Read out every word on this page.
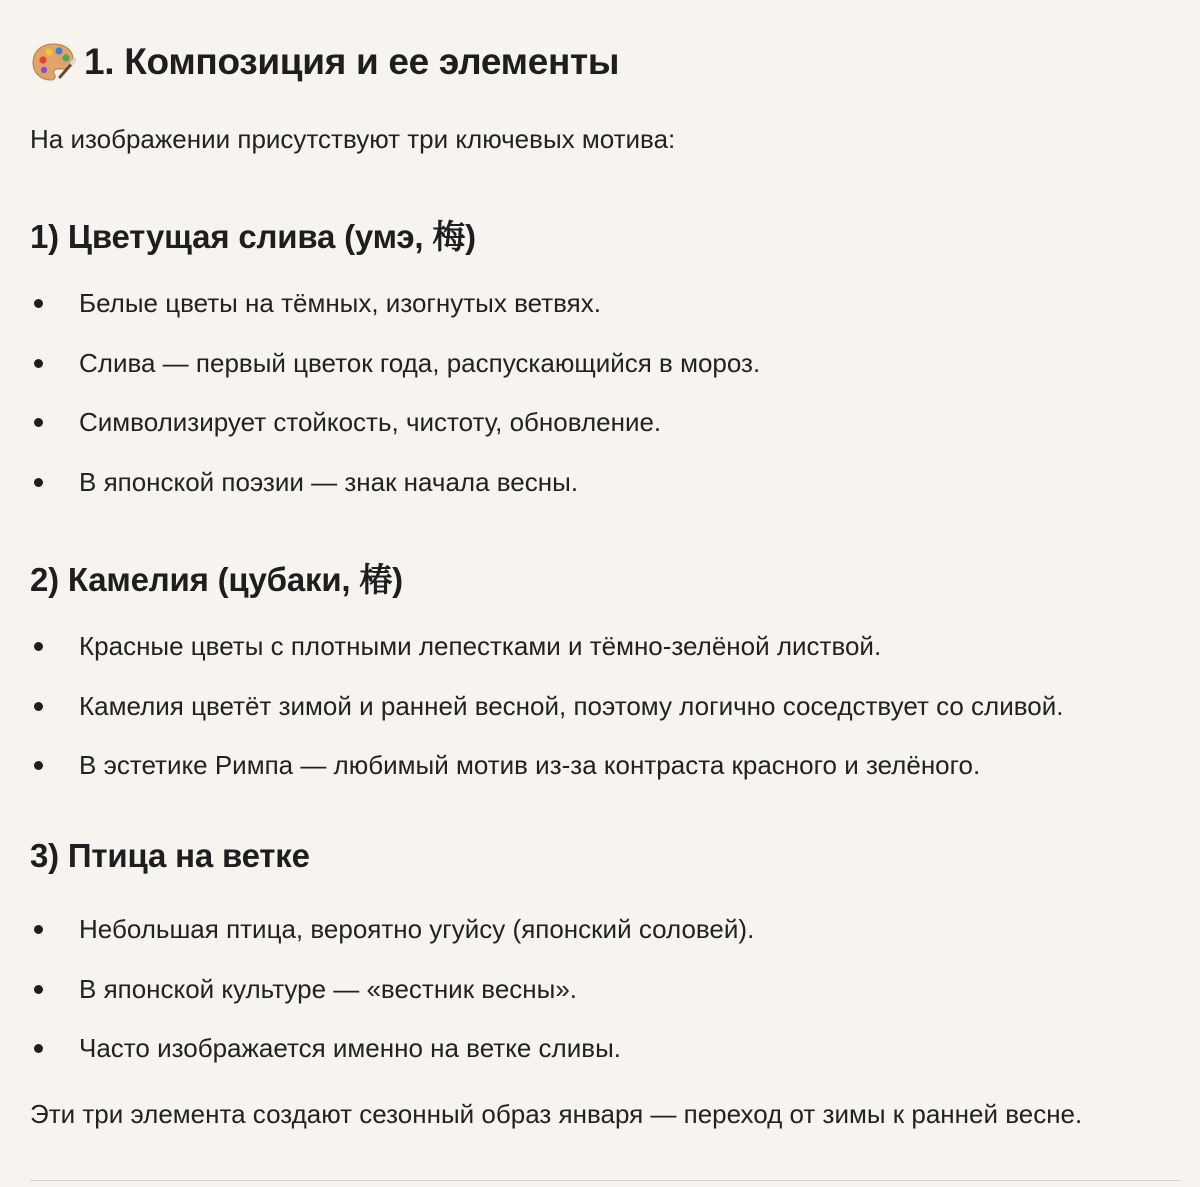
1. Композиция и ее элементы
На изображении присутствуют три ключевых мотива:
1) Цветущая слива (умэ, 梅)
Белые цветы на тёмных, изогнутых ветвях.
Слива — первый цветок года, распускающийся в мороз.
Символизирует стойкость, чистоту, обновление.
В японской поэзии — знак начала весны.
2) Камелия (цубаки, 椿)
Красные цветы с плотными лепестками и тёмно-зелёной листвой.
Камелия цветёт зимой и ранней весной, поэтому логично соседствует со сливой.
В эстетике Римпа — любимый мотив из-за контраста красного и зелёного.
3) Птица на ветке
Небольшая птица, вероятно угуйсу (японский соловей).
В японской культуре — «вестник весны».
Часто изображается именно на ветке сливы.
Эти три элемента создают сезонный образ января — переход от зимы к ранней весне.
